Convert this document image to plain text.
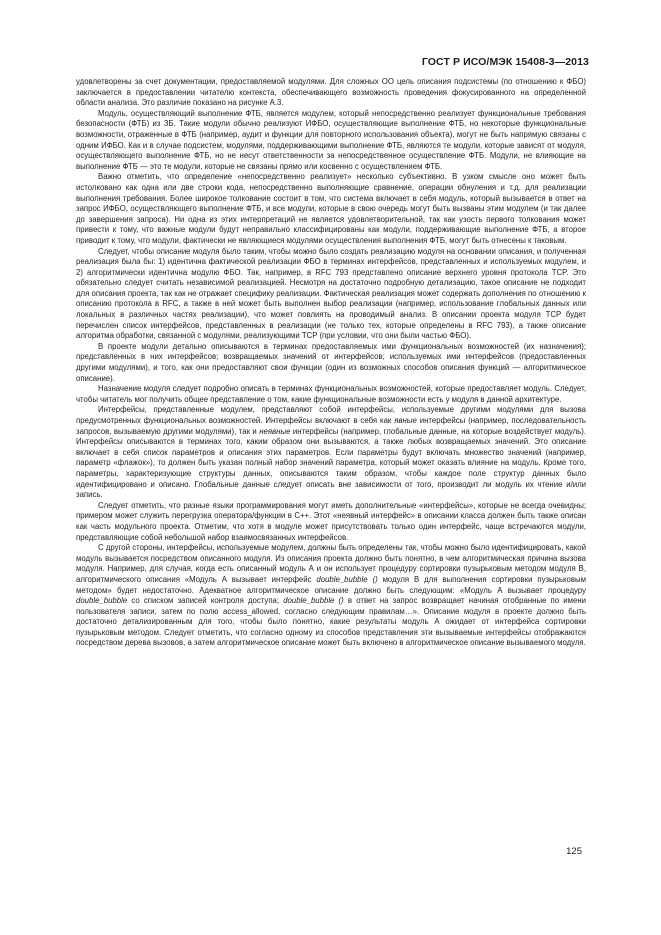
ГОСТ Р ИСО/МЭК 15408-3—2013

удовлетворены за счет документации, предоставляемой модулями. Для сложных ОО цель описания подсистемы (по отношению к ФБО) заключается в предоставлении читателю контекста, обеспечивающего возможность проведения фокусированного на определенной области анализа. Это различие показано на рисунке А.3.

Модуль, осуществляющий выполнение ФТБ, является модулем, который непосредственно реализует функциональные требования безопасности (ФТБ) из ЗБ. Такие модули обычно реализуют ИФБО, осуществляющие выполнение ФТБ, но некоторые функциональные возможности, отраженные в ФТБ (например, аудит и функции для повторного использования объекта), могут не быть напрямую связаны с одним ИФБО. Как и в случае подсистем, модулями, поддерживающими выполнение ФТБ, являются те модули, которые зависят от модуля, осуществляющего выполнение ФТБ, но не несут ответственности за непосредственное осуществление ФТБ. Модули, не влияющие на выполнение ФТБ — это те модули, которые не связаны прямо или косвенно с осуществлением ФТБ.

Важно отметить, что определение «непосредственно реализует» несколько субъективно. В узком смысле оно может быть истолковано как одна или две строки кода, непосредственно выполняющие сравнение, операции обнуления и т.д. для реализации выполнения требования. Более широкое толкование состоит в том, что система включает в себя модуль, который вызывается в ответ на запрос ИФБО, осуществляющего выполнение ФТБ, и все модули, которые в свою очередь могут быть вызваны этим модулем (и так далее до завершения запроса). Ни одна из этих интерпретаций не является удовлетворительной, так как узость первого толкования может привести к тому, что важные модули будут неправильно классифицированы как модули, поддерживающие выполнение ФТБ, а второе приводит к тому, что модули, фактически не являющиеся модулями осуществления выполнения ФТБ, могут быть отнесены к таковым.

Следует, чтобы описание модуля было таким, чтобы можно было создать реализацию модуля на основании описания, и полученная реализация была бы: 1) идентична фактической реализации ФБО в терминах интерфейсов, представленных и используемых модулем, и 2) алгоритмически идентична модулю ФБО. Так, например, в RFC 793 представлено описание верхнего уровня протокола TCP. Это обязательно следует считать независимой реализацией. Несмотря на достаточно подробную детализацию, такое описание не подходит для описания проекта, так как не отражает специфику реализации. Фактическая реализация может содержать дополнения по отношению к описанию протокола в RFC, а также в ней может быть выполнен выбор реализации (например, использование глобальных данных или локальных в различных частях реализации), что может повлиять на проводимый анализ. В описании проекта модуля TCP будет перечислен список интерфейсов, представленных в реализации (не только тех, которые определены в RFC 793), а также описание алгоритма обработки, связанной с модулями, реализующими TCP (при условии, что они были частью ФБО).

В проекте модули детально описываются в терминах предоставляемых ими функциональных возможностей (их назначения); представленных в них интерфейсов; возвращаемых значений от интерфейсов; используемых ими интерфейсов (предоставленных другими модулями), и того, как они предоставляют свои функции (один из возможных способов описания функций — алгоритмическое описание).

Назначение модуля следует подробно описать в терминах функциональных возможностей, которые предоставляет модуль. Следует, чтобы читатель мог получить общее представление о том, какие функциональные возможности есть у модуля в данной архитектуре.

Интерфейсы, представленные модулем, представляют собой интерфейсы, используемые другими модулями для вызова предусмотренных функциональных возможностей. Интерфейсы включают в себя как явные интерфейсы (например, последовательность запросов, вызываемую другими модулями), так и неявные интерфейсы (например, глобальные данные, на которые воздействует модуль). Интерфейсы описываются в терминах того, каким образом они вызываются, а также любых возвращаемых значений. Это описание включает в себя список параметров и описания этих параметров. Если параметры будут включать множество значений (например, параметр «флажок»), то должен быть указан полный набор значений параметра, который может оказать влияние на модуль. Кроме того, параметры, характеризующие структуры данных, описываются таким образом, чтобы каждое поле структур данных было идентифицировано и описано. Глобальные данные следует описать вне зависимости от того, производит ли модуль их чтение и/или запись.

Следует отметить, что разные языки программирования могут иметь дополнительные «интерфейсы», которые не всегда очевидны; примером может служить перегрузка оператора/функции в C++. Этот «неявный интерфейс» в описании класса должен быть также описан как часть модульного проекта. Отметим, что хотя в модуле может присутствовать только один интерфейс, чаще встречаются модули, представляющие собой небольшой набор взаимосвязанных интерфейсов.

С другой стороны, интерфейсы, используемые модулем, должны быть определены так, чтобы можно было идентифицировать, какой модуль вызывается посредством описанного модуля. Из описания проекта должно быть понятно, в чем алгоритмическая причина вызова модуля. Например, для случая, когда есть описанный модуль А и он использует процедуру сортировки пузырьковым методом модуля В, алгоритмического описания «Модуль А вызывает интерфейс double_bubble () модуля В для выполнения сортировки пузырьковым методом» будет недостаточно. Адекватное алгоритмическое описание должно быть следующим: «Модуль А вызывает процедуру double_bubble со списком записей контроля доступа; double_bubble () в ответ на запрос возвращает начиная отобранные по имени пользователя записи, затем по полю access_allowed, согласно следующим правилам…». Описание модуля в проекте должно быть достаточно детализированным для того, чтобы было понятно, какие результаты модуль А ожидает от интерфейса сортировки пузырьковым методом. Следует отметить, что согласно одному из способов представления эти вызываемые интерфейсы отображаются посредством дерева вызовов, а затем алгоритмическое описание может быть включено в алгоритмическое описание вызываемого модуля.

125
